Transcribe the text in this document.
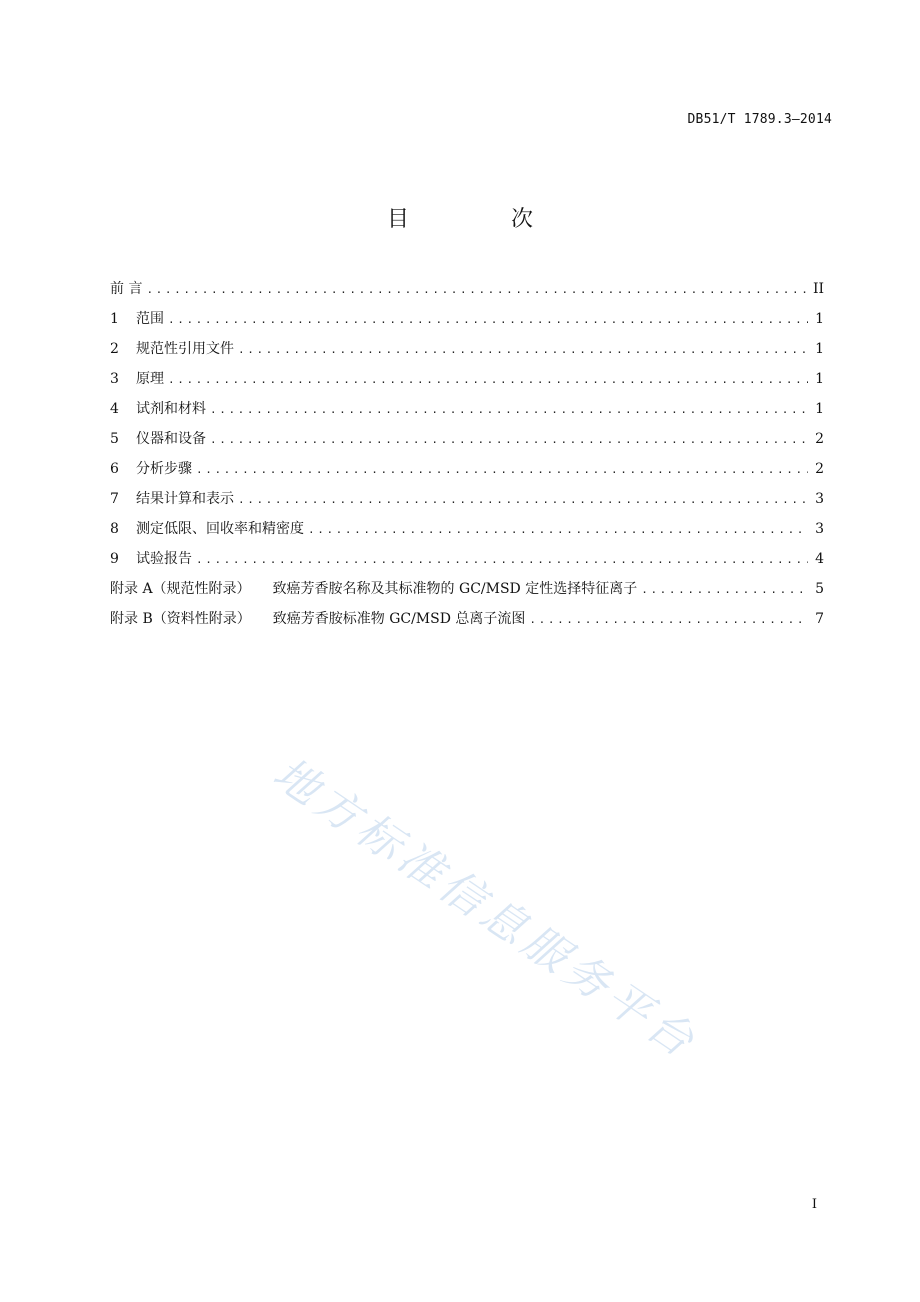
DB51/T 1789.3—2014
目　次
前 言 .....	II
1	范围 .....	1
2	规范性引用文件 .....	1
3	原理 .....	1
4	试剂和材料 .....	1
5	仪器和设备 .....	2
6	分析步骤 .....	2
7	结果计算和表示 .....	3
8	测定低限、回收率和精密度 .....	3
9	试验报告 .....	4
附录 A（规范性附录） 致癌芳香胺名称及其标准物的 GC/MSD 定性选择特征离子 .....	5
附录 B（资料性附录） 致癌芳香胺标准物 GC/MSD 总离子流图 .....	7
地方标准信息服务平台
I
